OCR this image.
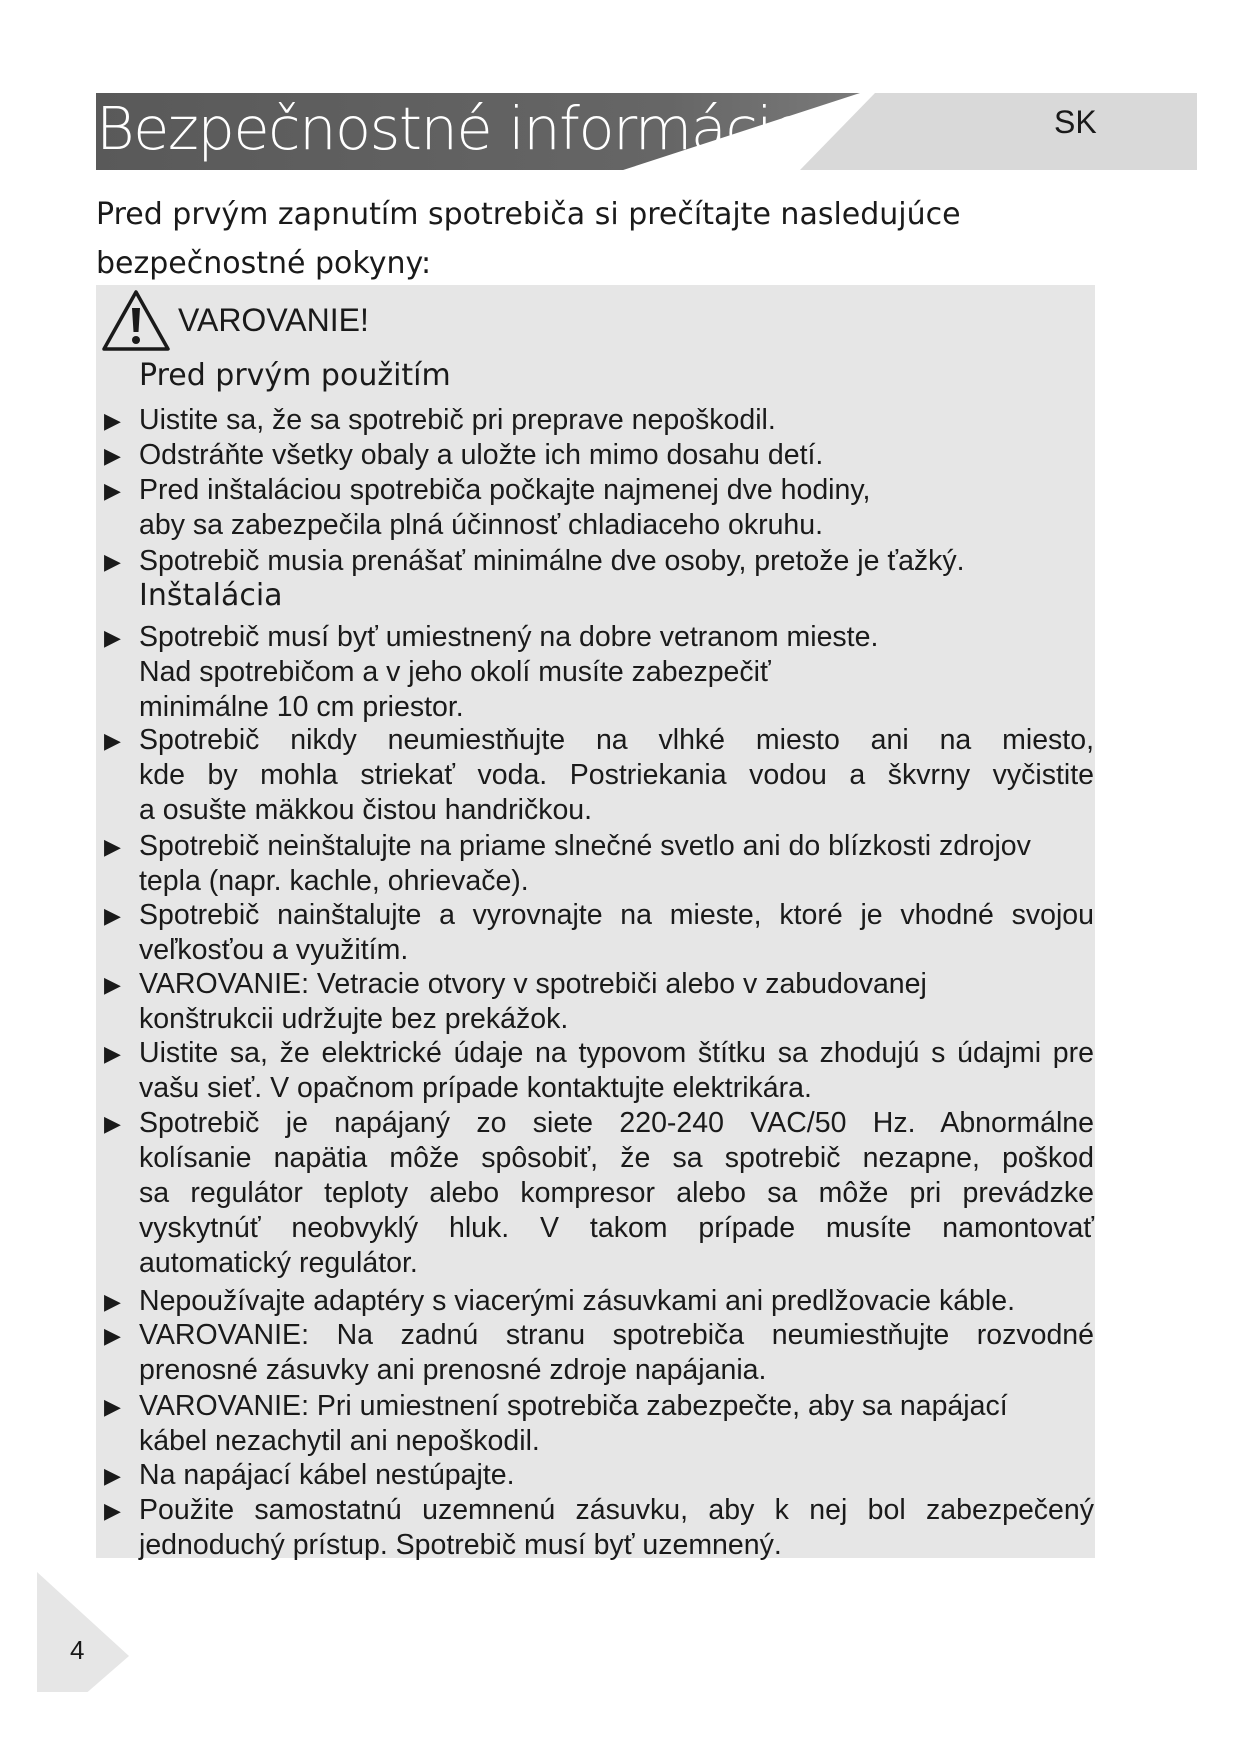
Bezpečnostné informácie	SK

Pred prvým zapnutím spotrebiča si prečítajte nasledujúce
bezpečnostné pokyny:

VAROVANIE!
Pred prvým použitím
Inštalácia
▶ Uistite sa, že sa spotrebič pri preprave nepoškodil.
▶ Odstráňte všetky obaly a uložte ich mimo dosahu detí.
▶ Pred inštaláciou spotrebiča počkajte najmenej dve hodiny,
aby sa zabezpečila plná účinnosť chladiaceho okruhu.
▶ Spotrebič musia prenášať minimálne dve osoby, pretože je ťažký.
▶ Spotrebič musí byť umiestnený na dobre vetranom mieste.
Nad spotrebičom a v jeho okolí musíte zabezpečiť
minimálne 10 cm priestor.
▶ Spotrebič nikdy neumiestňujte na vlhké miesto ani na miesto,
kde by mohla striekať voda. Postriekania vodou a škvrny vyčistite
a osušte mäkkou čistou handričkou.
▶ Spotrebič neinštalujte na priame slnečné svetlo ani do blízkosti zdrojov
tepla (napr. kachle, ohrievače).
▶ Spotrebič nainštalujte a vyrovnajte na mieste, ktoré je vhodné svojou
veľkosťou a využitím.
▶ VAROVANIE: Vetracie otvory v spotrebiči alebo v zabudovanej
konštrukcii udržujte bez prekážok.
▶ Uistite sa, že elektrické údaje na typovom štítku sa zhodujú s údajmi pre
vašu sieť. V opačnom prípade kontaktujte elektrikára.
▶ Spotrebič je napájaný zo siete 220-240 VAC/50 Hz. Abnormálne
kolísanie napätia môže spôsobiť, že sa spotrebič nezapne, poškod
sa regulátor teploty alebo kompresor alebo sa môže pri prevádzke
vyskytnúť neobvyklý hluk. V takom prípade musíte namontovať
automatický regulátor.
▶ Nepoužívajte adaptéry s viacerými zásuvkami ani predlžovacie káble.
▶ VAROVANIE: Na zadnú stranu spotrebiča neumiestňujte rozvodné
prenosné zásuvky ani prenosné zdroje napájania.
▶ VAROVANIE: Pri umiestnení spotrebiča zabezpečte, aby sa napájací
kábel nezachytil ani nepoškodil.
▶ Na napájací kábel nestúpajte.
▶ Použite samostatnú uzemnenú zásuvku, aby k nej bol zabezpečený
jednoduchý prístup. Spotrebič musí byť uzemnený.
4
